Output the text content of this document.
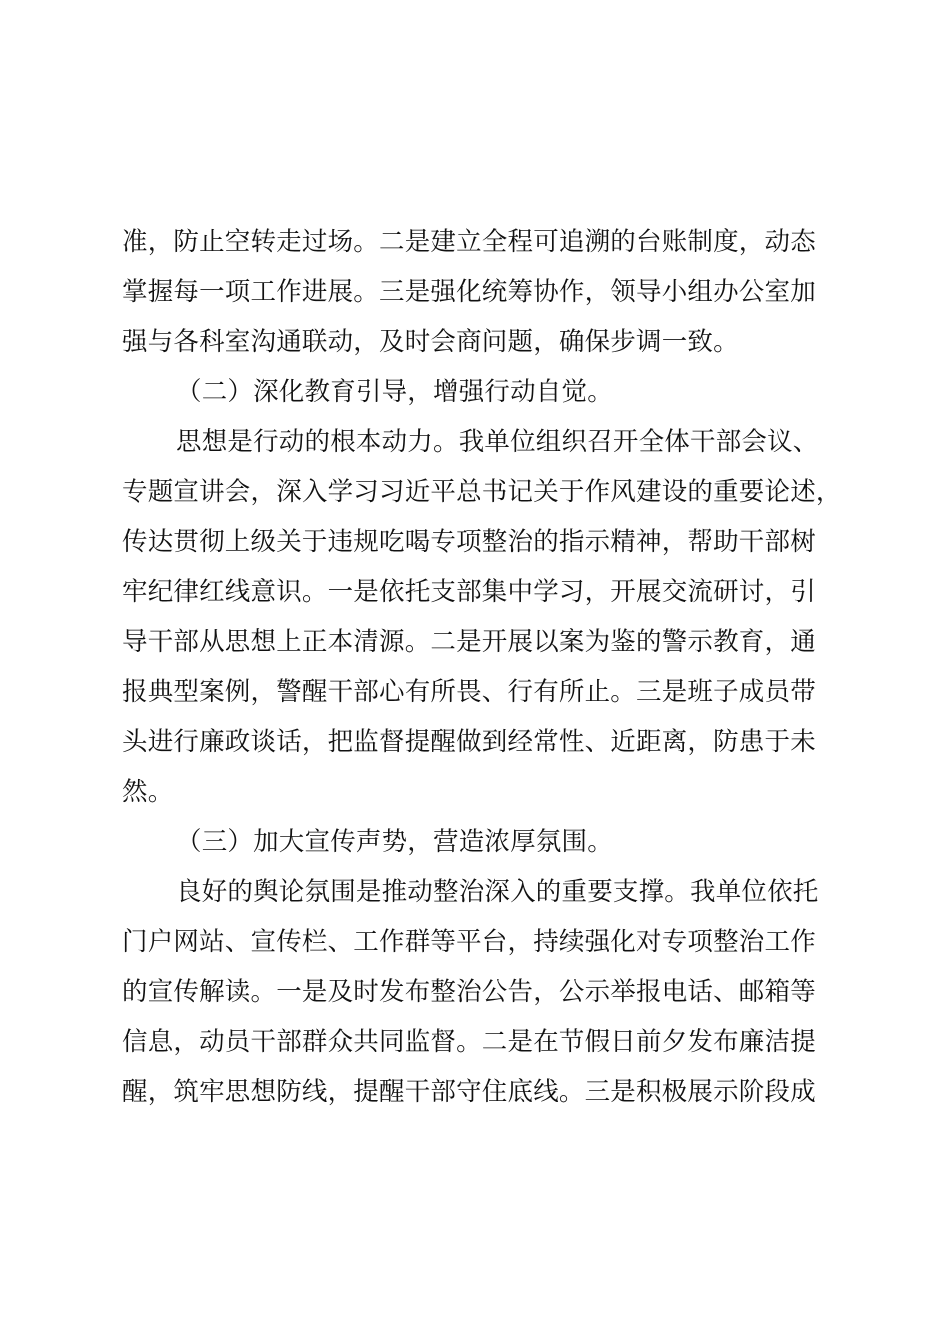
准，防止空转走过场。二是建立全程可追溯的台账制度，动态
掌握每一项工作进展。三是强化统筹协作，领导小组办公室加
强与各科室沟通联动，及时会商问题，确保步调一致。
（二）深化教育引导，增强行动自觉。
思想是行动的根本动力。我单位组织召开全体干部会议、
专题宣讲会，深入学习习近平总书记关于作风建设的重要论述，
传达贯彻上级关于违规吃喝专项整治的指示精神，帮助干部树
牢纪律红线意识。一是依托支部集中学习，开展交流研讨，引
导干部从思想上正本清源。二是开展以案为鉴的警示教育，通
报典型案例，警醒干部心有所畏、行有所止。三是班子成员带
头进行廉政谈话，把监督提醒做到经常性、近距离，防患于未
然。
（三）加大宣传声势，营造浓厚氛围。
良好的舆论氛围是推动整治深入的重要支撑。我单位依托
门户网站、宣传栏、工作群等平台，持续强化对专项整治工作
的宣传解读。一是及时发布整治公告，公示举报电话、邮箱等
信息，动员干部群众共同监督。二是在节假日前夕发布廉洁提
醒，筑牢思想防线，提醒干部守住底线。三是积极展示阶段成
